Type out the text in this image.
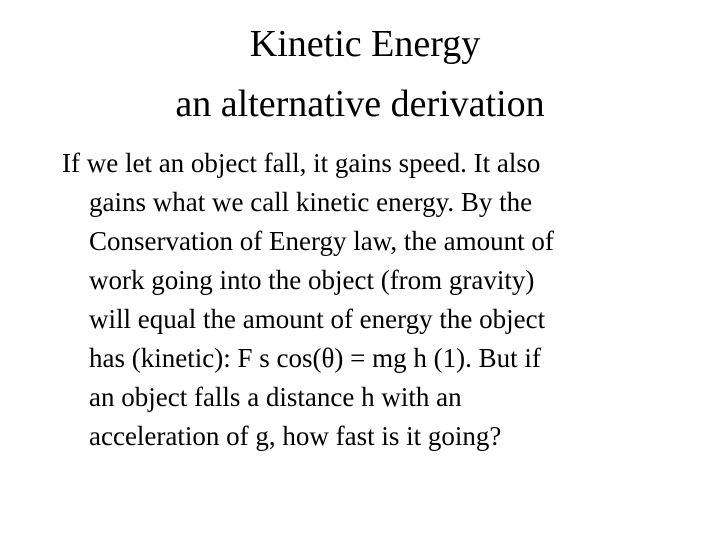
Kinetic Energy
an alternative derivation
If we let an object fall, it gains speed. It also
gains what we call kinetic energy. By the
Conservation of Energy law, the amount of
work going into the object (from gravity)
will equal the amount of energy the object
has (kinetic): F s cos(θ) = mg h (1). But if
an object falls a distance h with an
acceleration of g, how fast is it going?
